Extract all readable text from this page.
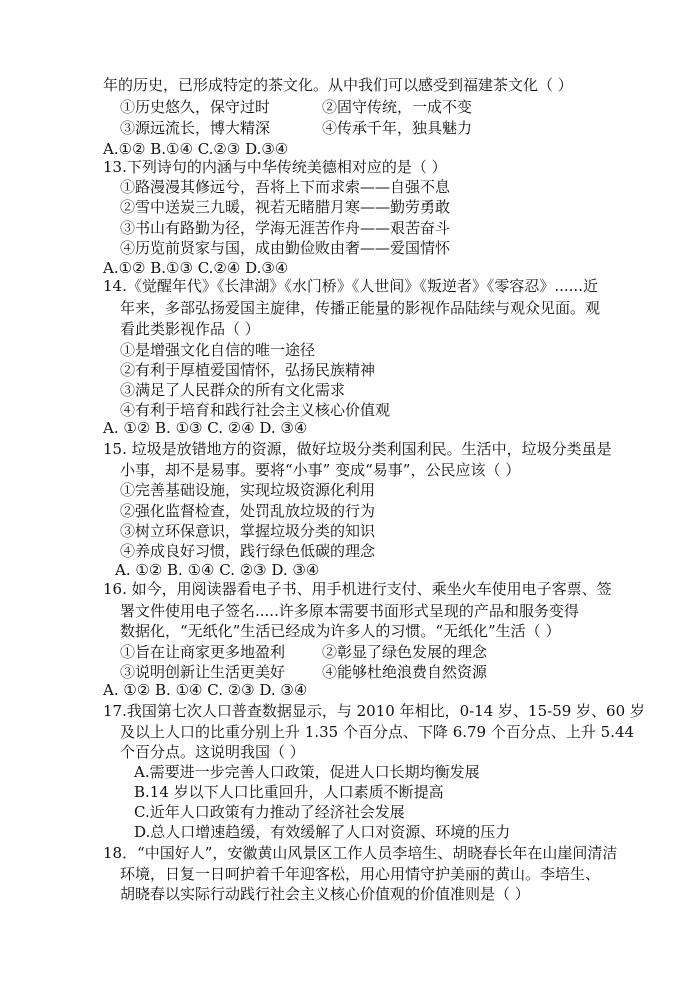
年的历史，已形成特定的茶文化。从中我们可以感受到福建茶文化（ ）
①历史悠久，保守过时	②固守传统，一成不变
③源远流长，博大精深	④传承千年，独具魅力
A.①② B.①④ C.②③ D.③④
13.下列诗句的内涵与中华传统美德相对应的是（ ）
①路漫漫其修远兮，吾将上下而求索——自强不息
②雪中送炭三九暖，视若无睹腊月寒——勤劳勇敢
③书山有路勤为径，学海无涯苦作舟——艰苦奋斗
④历览前贤家与国，成由勤俭败由奢——爱国情怀
A.①② B.①③ C.②④ D.③④
14.《觉醒年代》《长津湖》《水门桥》《人世间》《叛逆者》《零容忍》......近
年来，多部弘扬爱国主旋律，传播正能量的影视作品陆续与观众见面。观
看此类影视作品（ ）
①是增强文化自信的唯一途径
②有利于厚植爱国情怀，弘扬民族精神
③满足了人民群众的所有文化需求
④有利于培育和践行社会主义核心价值观
A. ①② B. ①③ C. ②④ D. ③④
15. 垃圾是放错地方的资源，做好垃圾分类利国利民。生活中，垃圾分类虽是
小事，却不是易事。要将“小事” 变成“易事”，公民应该（ ）
①完善基础设施，实现垃圾资源化利用
②强化监督检查，处罚乱放垃圾的行为
③树立环保意识，掌握垃圾分类的知识
④养成良好习惯，践行绿色低碳的理念
A. ①② B. ①④ C. ②③ D. ③④
16. 如今，用阅读器看电子书、用手机进行支付、乘坐火车使用电子客票、签
署文件使用电子签名.....许多原本需要书面形式呈现的产品和服务变得
数据化，“无纸化”生活已经成为许多人的习惯。“无纸化”生活（ ）
①旨在让商家更多地盈利 ②彰显了绿色发展的理念
③说明创新让生活更美好 ④能够杜绝浪费自然资源
A. ①② B. ①④ C. ②③ D. ③④
17.我国第七次人口普查数据显示，与 2010 年相比，0-14 岁、15-59 岁、60 岁
及以上人口的比重分别上升 1.35 个百分点、下降 6.79 个百分点、上升 5.44
个百分点。这说明我国（ ）
A.需要进一步完善人口政策，促进人口长期均衡发展
B.14 岁以下人口比重回升，人口素质不断提高
C.近年人口政策有力推动了经济社会发展
D.总人口增速趋缓，有效缓解了人口对资源、环境的压力
18．“中国好人”，安徽黄山风景区工作人员李培生、胡晓春长年在山崖间清洁
环境，日复一日呵护着千年迎客松，用心用情守护美丽的黄山。李培生、
胡晓春以实际行动践行社会主义核心价值观的价值准则是（ ）
